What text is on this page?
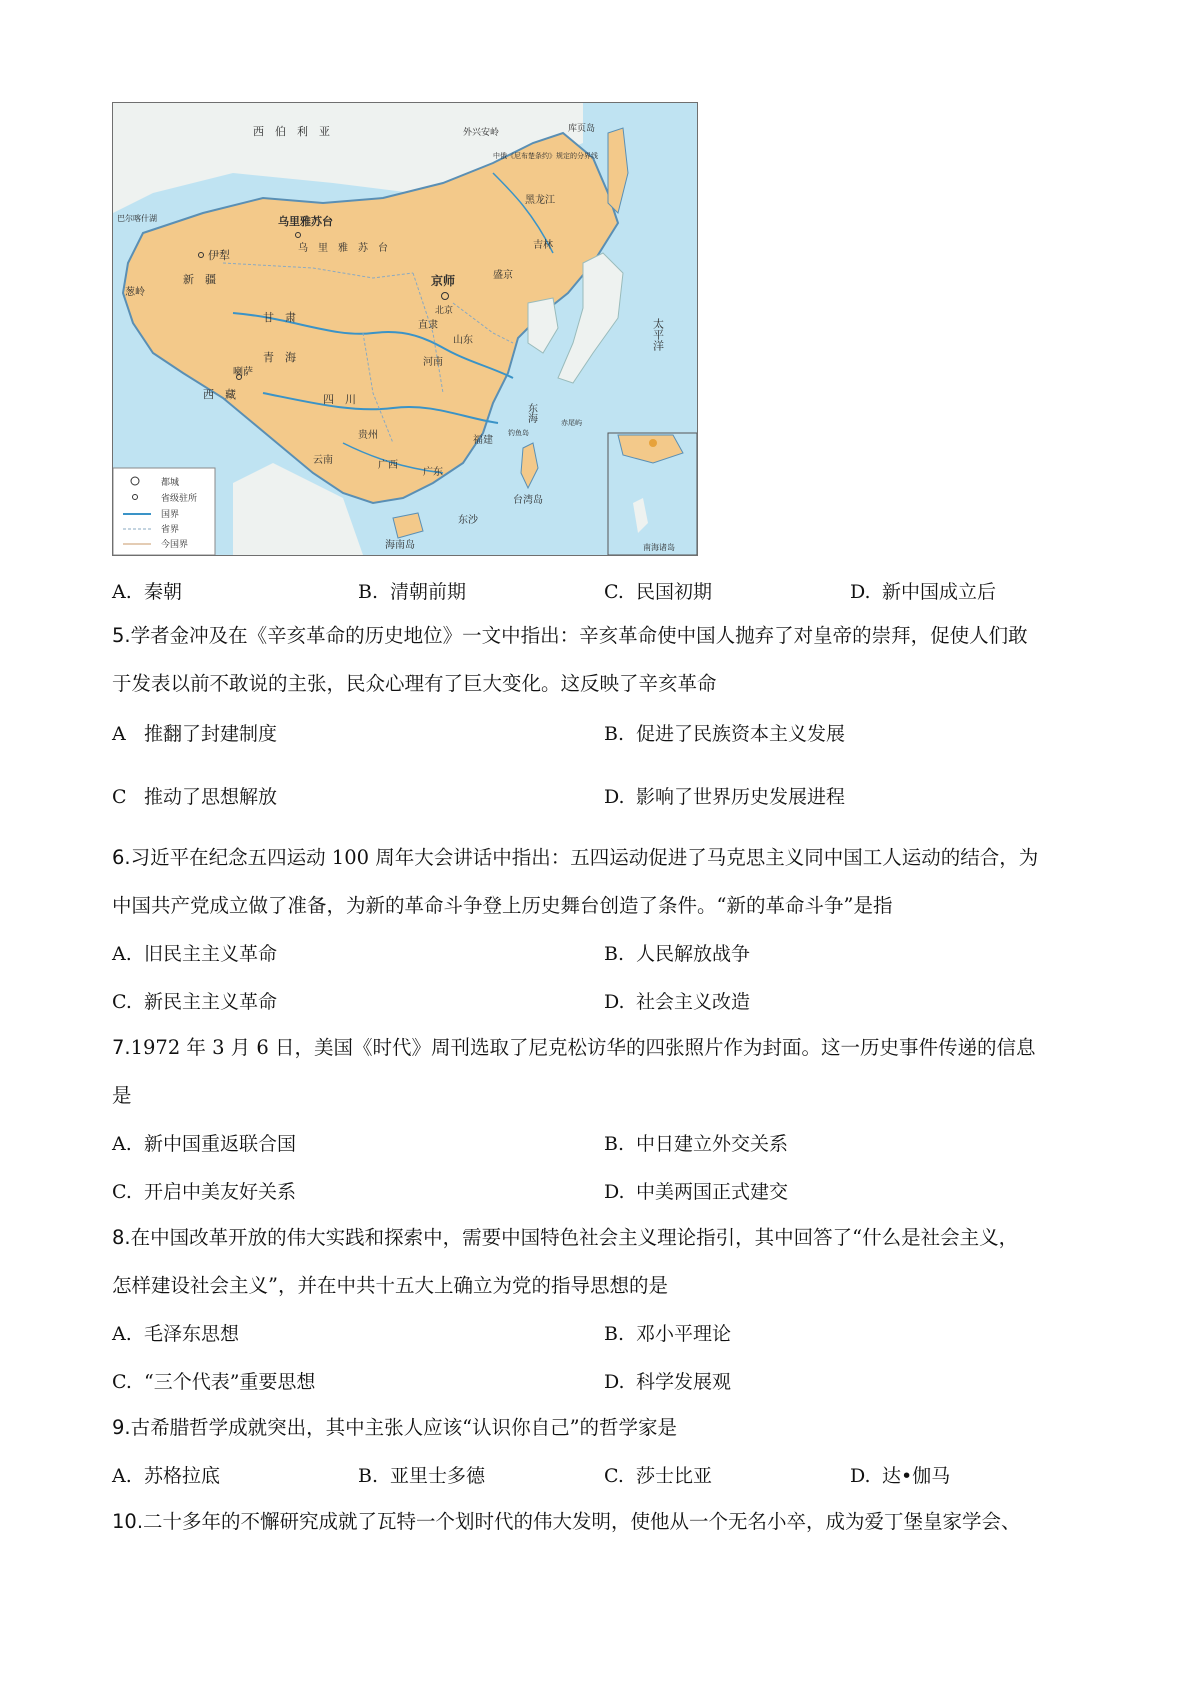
西　伯　利　亚	外兴安岭	库页岛
中俄《尼布楚条约》规定的分界线
巴尔喀什湖	乌里雅苏台
乌　里　雅　苏　台
伊犁
新　疆
葱岭
京师
北京
甘　肃
青　海
西　藏
喇萨
黑龙江
吉林
盛京
直隶
山东
河南
四　川
云南
贵州
广西
广东
福建
台湾岛
海南岛
东沙
钓鱼岛
赤尾屿
太平洋
东海
都城
省级驻所
国界
省界
今国界	南海诸岛
A. 秦朝	B. 清朝前期	C. 民国初期	D. 新中国成立后
5.学者金冲及在《辛亥革命的历史地位》一文中指出：辛亥革命使中国人抛弃了对皇帝的崇拜，促使人们敢
于发表以前不敢说的主张，民众心理有了巨大变化。这反映了辛亥革命
A 推翻了封建制度	B. 促进了民族资本主义发展
C 推动了思想解放	D. 影响了世界历史发展进程
6.习近平在纪念五四运动 100 周年大会讲话中指出：五四运动促进了马克思主义同中国工人运动的结合，为
中国共产党成立做了准备，为新的革命斗争登上历史舞台创造了条件。“新的革命斗争”是指
A. 旧民主主义革命	B. 人民解放战争
C. 新民主主义革命	D. 社会主义改造
7.1972 年 3 月 6 日，美国《时代》周刊选取了尼克松访华的四张照片作为封面。这一历史事件传递的信息
是
A. 新中国重返联合国	B. 中日建立外交关系
C. 开启中美友好关系	D. 中美两国正式建交
8.在中国改革开放的伟大实践和探索中，需要中国特色社会主义理论指引，其中回答了“什么是社会主义，
怎样建设社会主义”，并在中共十五大上确立为党的指导思想的是
A. 毛泽东思想	B. 邓小平理论
C. “三个代表”重要思想	D. 科学发展观
9.古希腊哲学成就突出，其中主张人应该“认识你自己”的哲学家是
A. 苏格拉底	B. 亚里士多德	C. 莎士比亚	D. 达•伽马
10.二十多年的不懈研究成就了瓦特一个划时代的伟大发明，使他从一个无名小卒，成为爱丁堡皇家学会、
